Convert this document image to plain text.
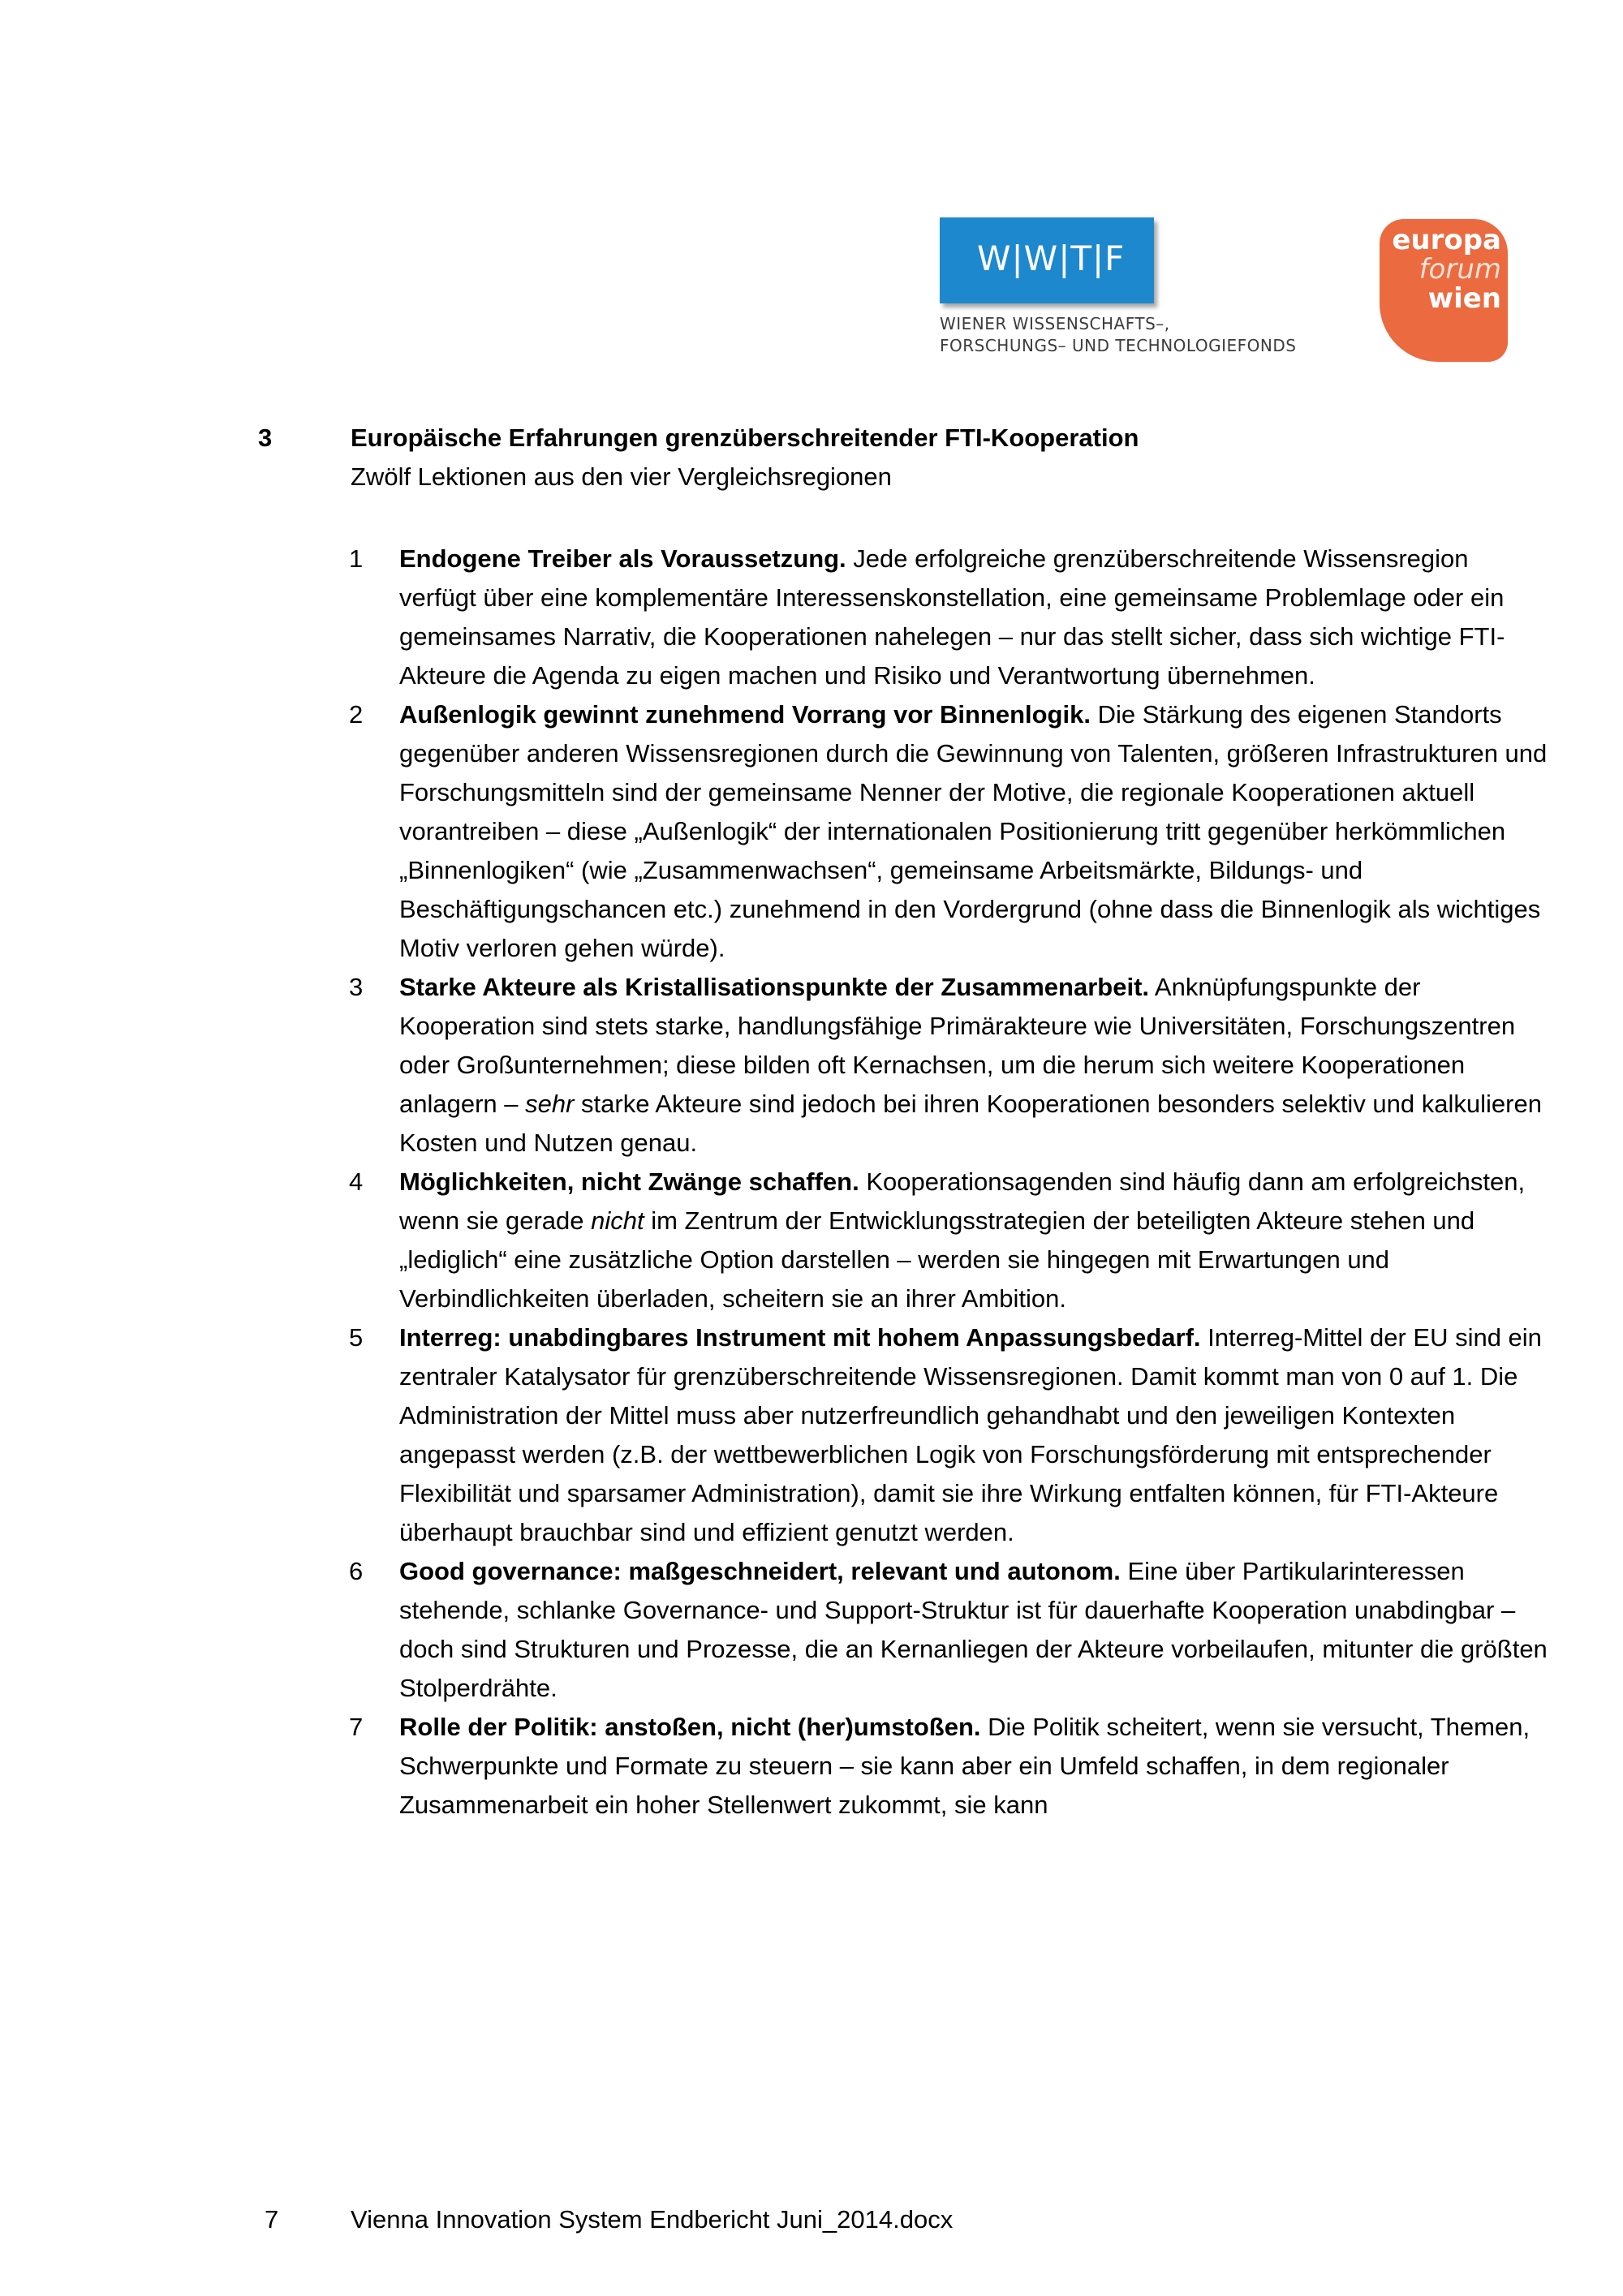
W|W|T|F
WIENER WISSENSCHAFTS–,
FORSCHUNGS– UND TECHNOLOGIEFONDS
europa
forum
wien
3	Europäische Erfahrungen grenzüberschreitender FTI-Kooperation
Zwölf Lektionen aus den vier Vergleichsregionen
1 Endogene Treiber als Voraussetzung. Jede erfolgreiche grenzüberschreitende Wissensregion verfügt über eine komplementäre Interessenskonstellation, eine gemeinsame Problemlage oder ein gemeinsames Narrativ, die Kooperationen nahelegen – nur das stellt sicher, dass sich wichtige FTI-Akteure die Agenda zu eigen machen und Risiko und Verantwortung übernehmen.
2 Außenlogik gewinnt zunehmend Vorrang vor Binnenlogik. Die Stärkung des eigenen Standorts gegenüber anderen Wissensregionen durch die Gewinnung von Talenten, größeren Infrastrukturen und Forschungsmitteln sind der gemeinsame Nenner der Motive, die regionale Kooperationen aktuell vorantreiben – diese „Außenlogik“ der internationalen Positionierung tritt gegenüber herkömmlichen „Binnenlogiken“ (wie „Zusammenwachsen“, gemeinsame Arbeitsmärkte, Bildungs- und Beschäftigungschancen etc.) zunehmend in den Vordergrund (ohne dass die Binnenlogik als wichtiges Motiv verloren gehen würde).
3 Starke Akteure als Kristallisationspunkte der Zusammenarbeit. Anknüpfungspunkte der Kooperation sind stets starke, handlungsfähige Primärakteure wie Universitäten, Forschungszentren oder Großunternehmen; diese bilden oft Kernachsen, um die herum sich weitere Kooperationen anlagern – sehr starke Akteure sind jedoch bei ihren Kooperationen besonders selektiv und kalkulieren Kosten und Nutzen genau.
4 Möglichkeiten, nicht Zwänge schaffen. Kooperationsagenden sind häufig dann am erfolgreichsten, wenn sie gerade nicht im Zentrum der Entwicklungsstrategien der beteiligten Akteure stehen und „lediglich“ eine zusätzliche Option darstellen – werden sie hingegen mit Erwartungen und Verbindlichkeiten überladen, scheitern sie an ihrer Ambition.
5 Interreg: unabdingbares Instrument mit hohem Anpassungsbedarf. Interreg-Mittel der EU sind ein zentraler Katalysator für grenzüberschreitende Wissensregionen. Damit kommt man von 0 auf 1. Die Administration der Mittel muss aber nutzerfreundlich gehandhabt und den jeweiligen Kontexten angepasst werden (z.B. der wettbewerblichen Logik von Forschungsförderung mit entsprechender Flexibilität und sparsamer Administration), damit sie ihre Wirkung entfalten können, für FTI-Akteure überhaupt brauchbar sind und effizient genutzt werden.
6 Good governance: maßgeschneidert, relevant und autonom. Eine über Partikularinteressen stehende, schlanke Governance- und Support-Struktur ist für dauerhafte Kooperation unabdingbar – doch sind Strukturen und Prozesse, die an Kernanliegen der Akteure vorbeilaufen, mitunter die größten Stolperdrähte.
7 Rolle der Politik: anstoßen, nicht (her)umstoßen. Die Politik scheitert, wenn sie versucht, Themen, Schwerpunkte und Formate zu steuern – sie kann aber ein Umfeld schaffen, in dem regionaler Zusammenarbeit ein hoher Stellenwert zukommt, sie kann
7	Vienna Innovation System Endbericht Juni_2014.docx
